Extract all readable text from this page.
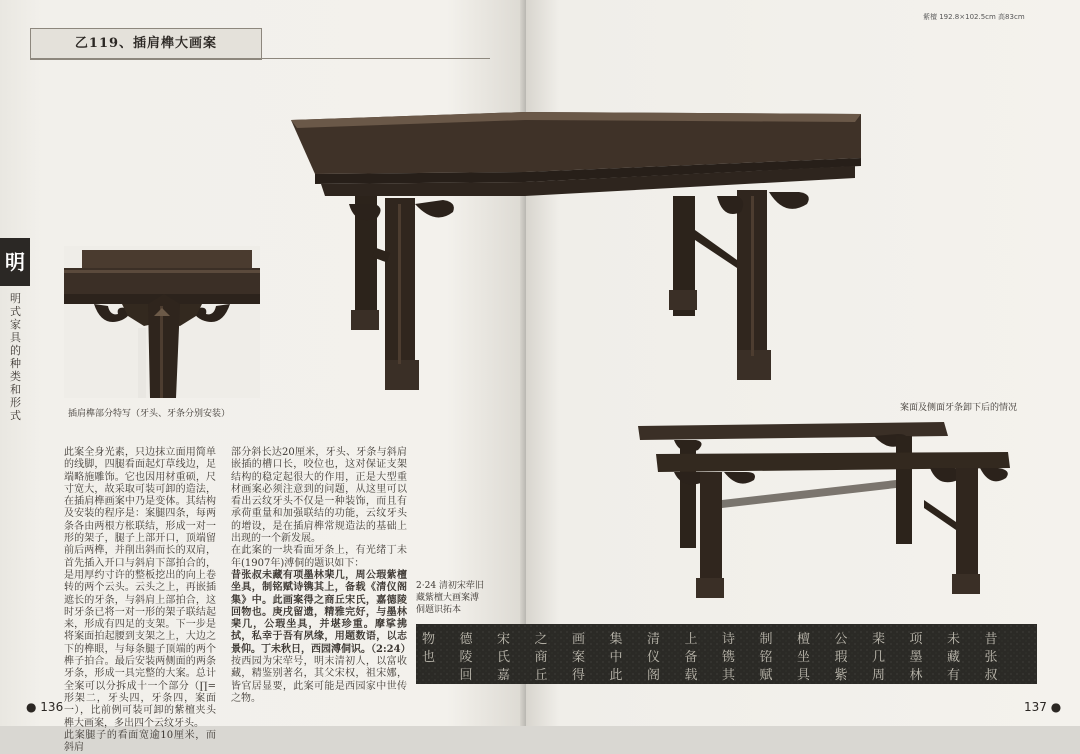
乙119、插肩榫大画案
明
明式家具的种类和形式	插肩榫部分特写（牙头、牙条分别安装）

此案全身光素，只边抹立面用简单的线脚，四腿看面起灯草线边，足端略施雕饰。它也因用材重硕，尺寸宽大，故采取可装可卸的造法，在插肩榫画案中乃是变体。其结构及安装的程序是：案腿四条，每两条各由两根方枨联结，形成一对一形的架子，腿子上部开口，顶端留前后两榫，并削出斜而长的双肩，首先插入开口与斜肩下部拍合的，是用厚约寸许的整板挖出的向上卷转的两个云头。云头之上，再嵌插遮长的牙条，与斜肩上部拍合，这时牙条已将一对一形的架子联结起来，形成有四足的支架。下一步是将案面拍起腰到支架之上，大边之下的榫眼，与每条腿子顶端的两个榫子拍合。最后安装两侧面的两条牙条，形成一具完整的大案。总计全案可以分拆成十一个部分（∏=形架二，牙头四，牙条四，案面一），比前例可装可卸的紫檀夹头榫大画案，多出四个云纹牙头。

此案腿子的看面宽逾10厘米，而斜肩

部分斜长达20厘米，牙头、牙条与斜肩嵌插的槽口长，咬位也，这对保证支架结构的稳定起很大的作用，正是大型重材画案必须注意到的问题，从这里可以看出云纹牙头不仅是一种装饰，而且有承荷重量和加强联结的功能，云纹牙头的增设，是在插肩榫常规造法的基础上出现的一个新发展。

在此案的一块看面牙条上，有光绪丁未年(1907年)溥侗的题识如下：

昔张叔未藏有项墨林棐几，周公瑕紫檀坐具，制铭赋诗镌其上，备载《清仪阁集》中。此画案得之商丘宋氏，嘉德陵回物也。庚戌留遗，精雅完好，与墨林棐几，公瑕坐具，并堪珍重。摩挲拂拭，私幸于吾有夙缘，用题数语，以志景仰。丁未秋日，西园溥侗识。（2:24）

按西园为宋荦号，明末清初人，以富收藏，精鉴别著名，其父宋权，祖宋娜，皆官居显要，此案可能是西园家中世传之物。

● 136
紫檀 192.8×102.5cm 高83cm
案面及侧面牙条卸下后的情况
2·24 清初宋荦旧藏紫檀大画案溥侗题识拓本
昔
张
叔
未
藏
有
项
墨
林
棐
几
周
公
瑕
紫
檀
坐
具
制
铭
赋
诗
镌
其
上
备
载
清
仪
阁
集
中
此
画
案
得
之
商
丘
宋
氏
嘉
德
陵
回
物
也
137 ●
